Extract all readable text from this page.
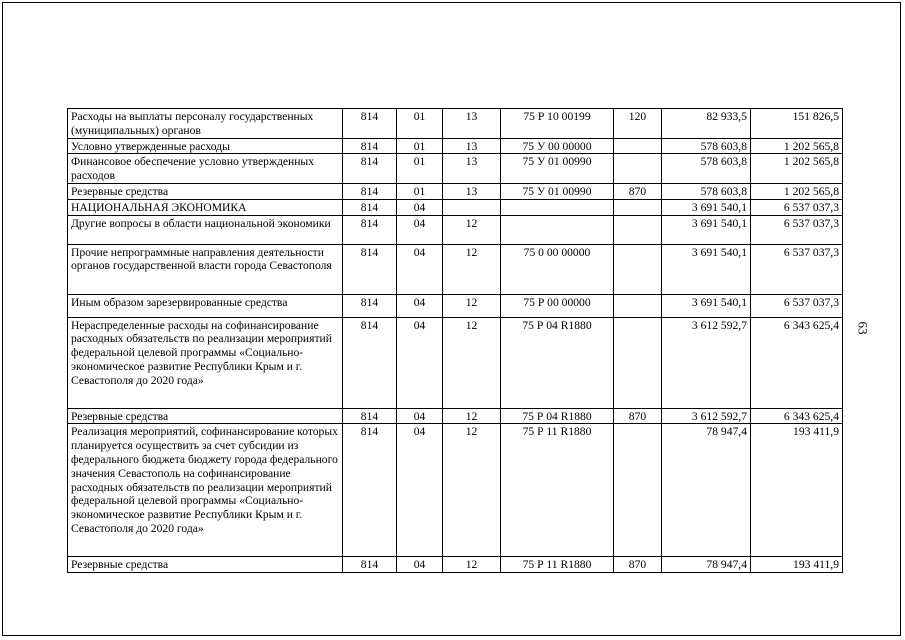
Расходы на выплаты персоналу государственных (муниципальных) органов	814	01	13	75 Р 10 00199	120	82 933,5	151 826,5
Условно утвержденные расходы	814	01	13	75 У 00 00000		578 603,8	1 202 565,8
Финансовое обеспечение условно утвержденных расходов	814	01	13	75 У 01 00990		578 603,8	1 202 565,8
Резервные средства	814	01	13	75 У 01 00990	870	578 603,8	1 202 565,8
НАЦИОНАЛЬНАЯ ЭКОНОМИКА	814	04				3 691 540,1	6 537 037,3
Другие вопросы в области национальной экономики	814	04	12			3 691 540,1	6 537 037,3
Прочие непрограммные направления деятельности органов государственной власти города Севастополя	814	04	12	75 0 00 00000		3 691 540,1	6 537 037,3
Иным образом зарезервированные средства	814	04	12	75 Р 00 00000		3 691 540,1	6 537 037,3
Нераспределенные расходы на софинансирование расходных обязательств по реализации мероприятий федеральной целевой программы «Социально-экономическое развитие Республики Крым и г. Севастополя до 2020 года»	814	04	12	75 Р 04 R1880		3 612 592,7	6 343 625,4
Резервные средства	814	04	12	75 Р 04 R1880	870	3 612 592,7	6 343 625,4
Реализация мероприятий, софинансирование которых планируется осуществить за счет субсидии из федерального бюджета бюджету города федерального значения Севастополь на софинансирование расходных обязательств по реализации мероприятий федеральной целевой программы «Социально-экономическое развитие Республики Крым и г. Севастополя до 2020 года»	814	04	12	75 Р 11 R1880		78 947,4	193 411,9
Резервные средства	814	04	12	75 Р 11 R1880	870	78 947,4	193 411,9
63
